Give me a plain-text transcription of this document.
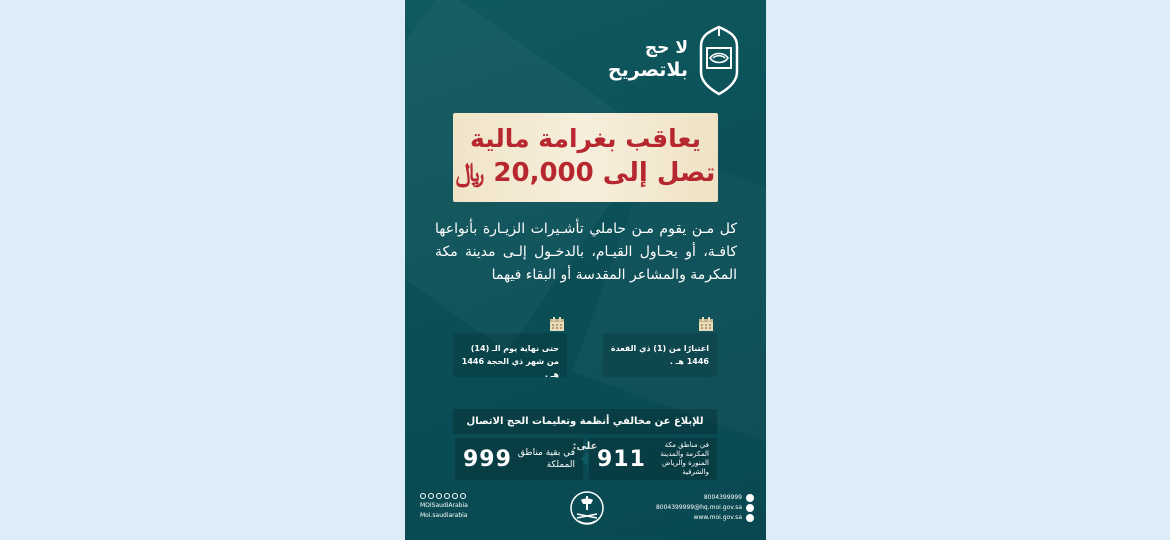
لا حج
بلاتصريح
يعاقب بغرامة مالية
تصل إلى 20,000 ﷼
كل مـن يقوم مـن حاملي تأشـيرات الزيـارة بأنواعها كافـة، أو يحـاول القيـام، بالدخـول إلـى مدينة مكة المكرمة والمشاعر المقدسة أو البقاء فيهما
اعتبارًا من (1) ذي القعدة 1446 هـ .
حتى نهاية يوم الـ (14) من شهر ذي الحجة 1446 هـ .
للإبلاغ عن مخالفي أنظمة وتعليمات الحج الاتصال على:	في مناطق مكة المكرمة والمدينة المنورة والرياض والشرقية
911
في بقية مناطق المملكة
999
MOISaudiArabia
Moi.saudiarabia
8004399999
8004399999@hq.moi.gov.sa
www.moi.gov.sa
